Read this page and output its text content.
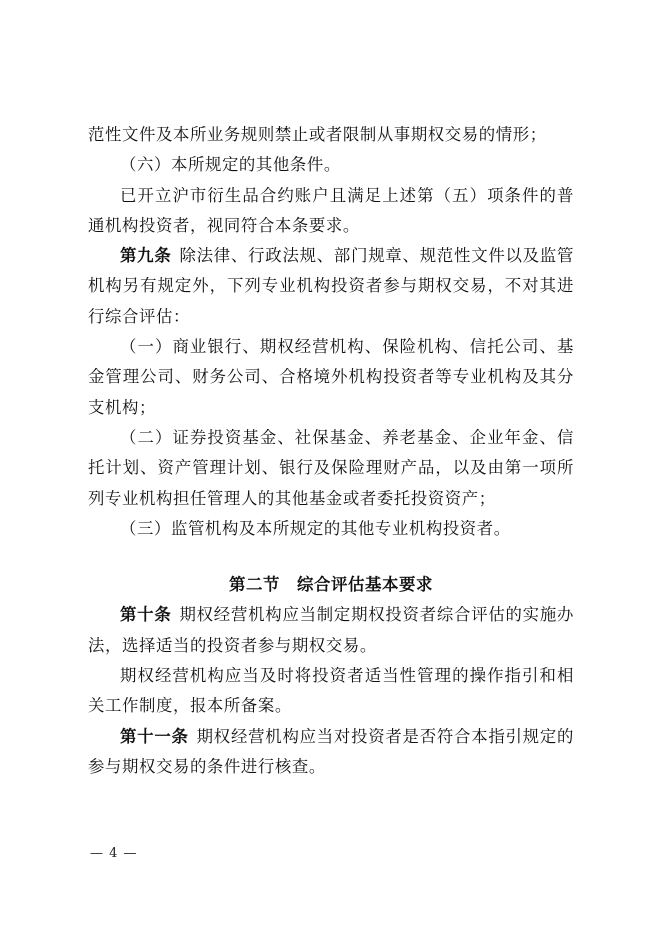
范性文件及本所业务规则禁止或者限制从事期权交易的情形；

（六）本所规定的其他条件。

已开立沪市衍生品合约账户且满足上述第（五）项条件的普通机构投资者，视同符合本条要求。

第九条 除法律、行政法规、部门规章、规范性文件以及监管机构另有规定外，下列专业机构投资者参与期权交易，不对其进行综合评估：

（一）商业银行、期权经营机构、保险机构、信托公司、基金管理公司、财务公司、合格境外机构投资者等专业机构及其分支机构；

（二）证券投资基金、社保基金、养老基金、企业年金、信托计划、资产管理计划、银行及保险理财产品，以及由第一项所列专业机构担任管理人的其他基金或者委托投资资产；

（三）监管机构及本所规定的其他专业机构投资者。

第二节　综合评估基本要求

第十条 期权经营机构应当制定期权投资者综合评估的实施办法，选择适当的投资者参与期权交易。

期权经营机构应当及时将投资者适当性管理的操作指引和相关工作制度，报本所备案。

第十一条 期权经营机构应当对投资者是否符合本指引规定的参与期权交易的条件进行核查。

— 4 —
